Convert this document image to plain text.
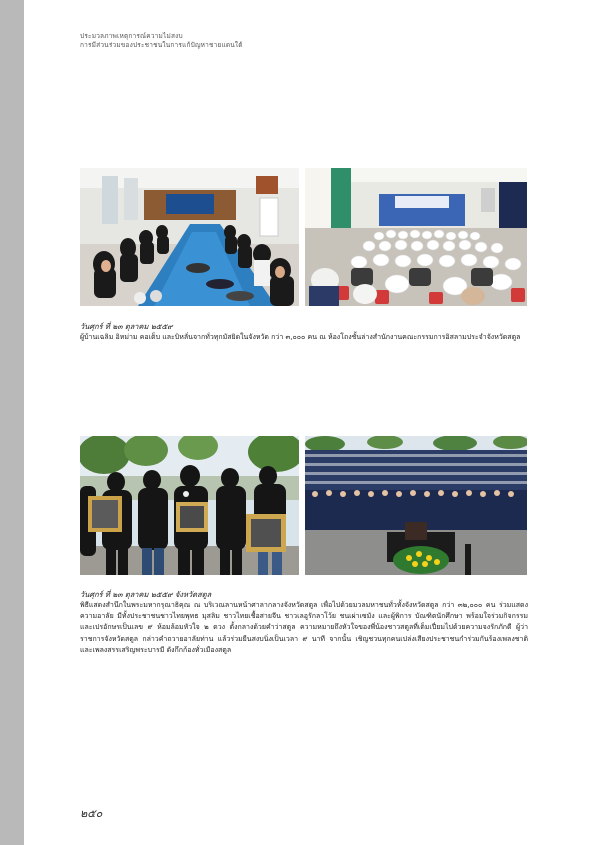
ประมวลภาพเหตุการณ์ความไม่สงบ
การมีส่วนร่วมของประชาชนในการแก้ปัญหาชายแดนใต้
วันศุกร์ ที่ ๒๓ ตุลาคม ๒๕๕๙
ผู้บ้านเฉลิม อิหม่าม คอเต็บ และบิหลั่นจากทั่วทุกมัสยิดในจังหวัด กว่า ๓,๐๐๐ คน ณ ห้องโถงชั้นล่างสำนักงานคณะกรรมการอิสลามประจำจังหวัดสตูล
วันศุกร์ ที่ ๒๓ ตุลาคม ๒๕๕๙ จังหวัดสตูล
พิธีแสดงสำนึกในพระมหากรุณาธิคุณ ณ บริเวณลานหน้าศาลากลางจังหวัดสตูล เพื่อไปด้วยมวลมหาชนทั่วทั้งจังหวัดสตูล กว่า ๓๒,๐๐๐ คน ร่วมแสดงความอาลัย มีทั้งประชาชนชาวไทยพุทธ มุสลิม ชาวไทยเชื้อสายจีน ชาวเลอูรักลาโว้ย ชนเผ่าเซมัง และผู้พิการ บัณฑิตนักศึกษา พร้อมใจร่วมกิจกรรม และเปรอักษรเป็นเลข ๙ ห้อมล้อมหัวใจ ๒ ดวง ตั้งกลางด้วยคำว่าสตูล ความหมายถึงหัวใจของพี่น้องชาวสตูลที่เต็มเปี่ยมไปด้วยความจงรักภักดี ผู้ว่าราชการจังหวัดสตูล กล่าวคำถวายอาลัยท่าน แล้วร่วมยืนสงบนิ่งเป็นเวลา ๙ นาที จากนั้น เชิญชวนทุกคนเปล่งเสียงประชาชนกำร่วมกันร้องเพลงชาติ และเพลงสรรเสริญพระบารมี ดังกึกก้องทั่วเมืองสตูล
๒๕๐
